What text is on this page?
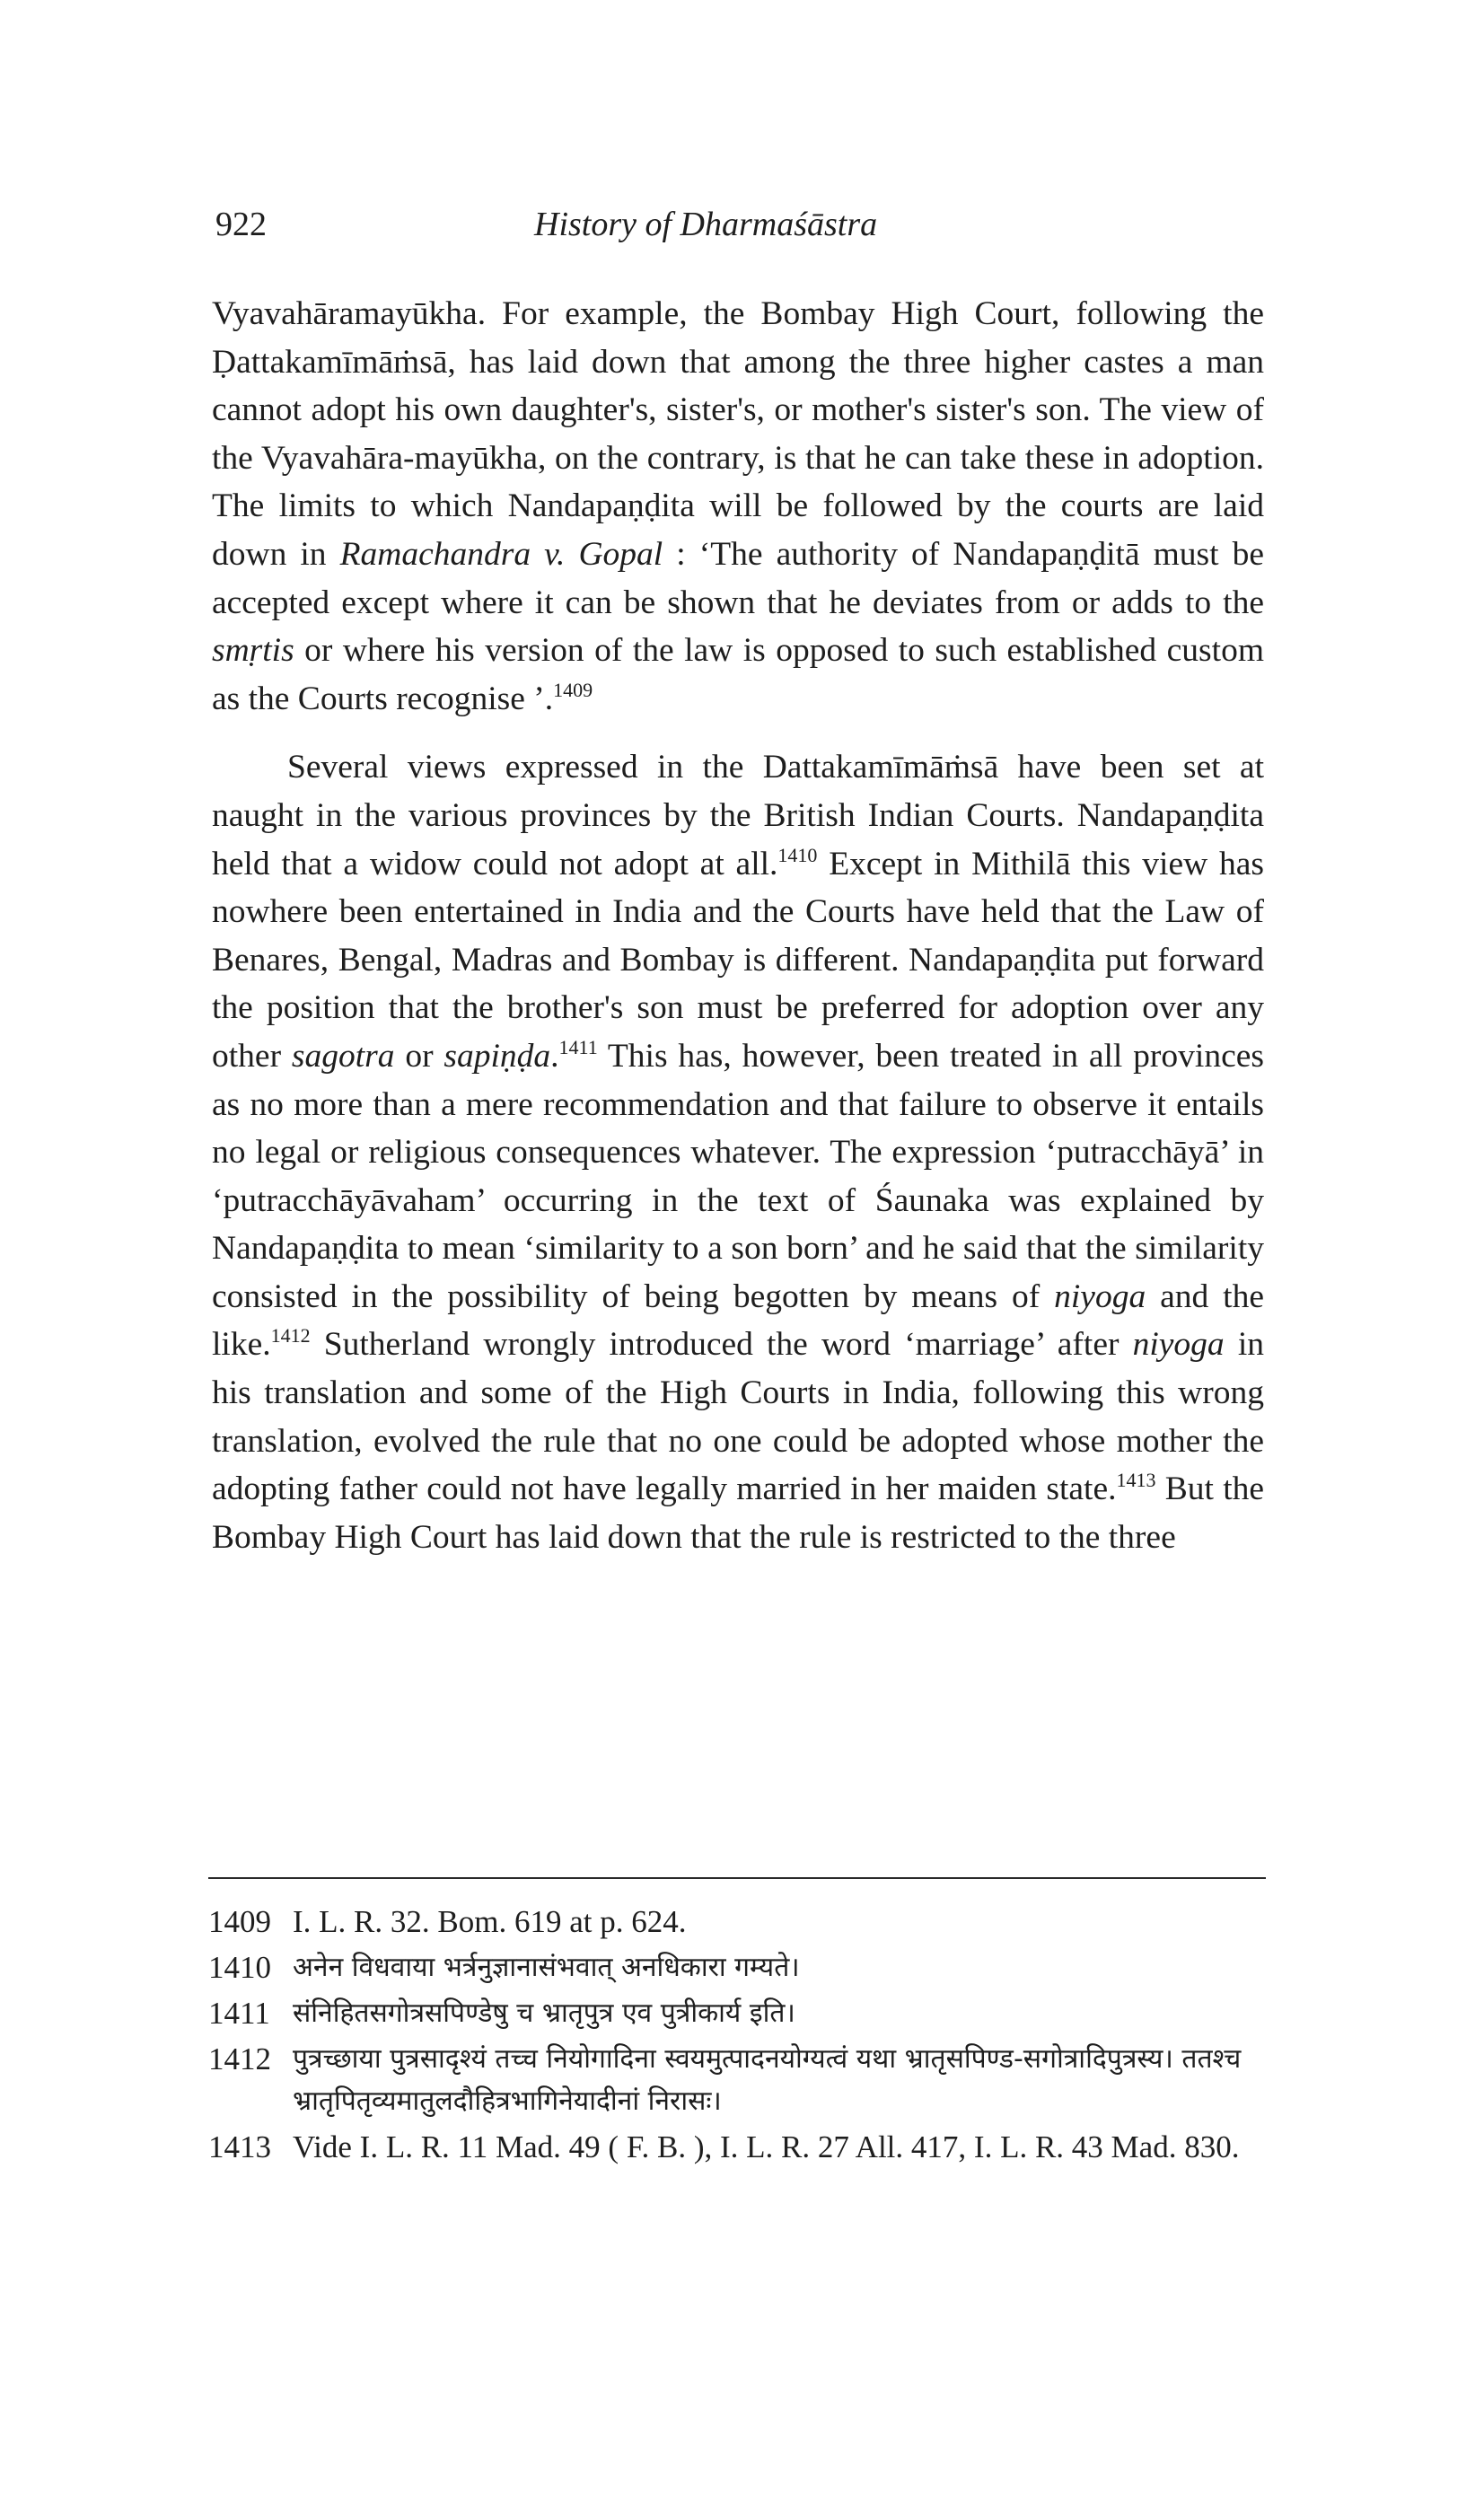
922	History of Dharmaśāstra

Vyavahāramayūkha. For example, the Bombay High Court, following the Ḍattakamīmāṁsā, has laid down that among the three higher castes a man cannot adopt his own daughter's, sister's, or mother's sister's son. The view of the Vyavahāra-mayūkha, on the contrary, is that he can take these in adoption. The limits to which Nandapaṇḍita will be followed by the courts are laid down in Ramachandra v. Gopal : ‘The authority of Nandapaṇḍitā must be accepted except where it can be shown that he deviates from or adds to the smṛtis or where his version of the law is opposed to such established custom as the Courts recognise ’.$^{1409}$

Several views expressed in the Dattakamīmāṁsā have been set at naught in the various provinces by the British Indian Courts. Nandapaṇḍita held that a widow could not adopt at all.$^{1410}$ Except in Mithilā this view has nowhere been entertained in India and the Courts have held that the Law of Benares, Bengal, Madras and Bombay is different. Nandapaṇḍita put forward the position that the brother's son must be preferred for adoption over any other sagotra or sapiṇḍa.$^{1411}$ This has, however, been treated in all provinces as no more than a mere recommendation and that failure to observe it entails no legal or religious consequences whatever. The expression ‘putracchāyā’ in ‘putracchāyāvaham’ occurring in the text of Śaunaka was explained by Nandapaṇḍita to mean ‘similarity to a son born’ and he said that the similarity consisted in the possibility of being begotten by means of niyoga and the like.$^{1412}$ Sutherland wrongly introduced the word ‘marriage’ after niyoga in his translation and some of the High Courts in India, following this wrong translation, evolved the rule that no one could be adopted whose mother the adopting father could not have legally married in her maiden state.$^{1413}$ But the Bombay High Court has laid down that the rule is restricted to the three

1409 I. L. R. 32. Bom. 619 at p. 624.
1410 अनेन विधवाया भर्त्रनुज्ञानासंभवात् अनधिकारा गम्यते।
1411 संनिहितसगोत्रसपिण्डेषु च भ्रातृपुत्र एव पुत्रीकार्य इति।
1412 पुत्रच्छाया पुत्रसादृश्यं तच्च नियोगादिना स्वयमुत्पादनयोग्यत्वं यथा भ्रातृसपिण्ड-सगोत्रादिपुत्रस्य। ततश्च भ्रातृपितृव्यमातुलदौहित्रभागिनेयादीनां निरासः।
1413 Vide I. L. R. 11 Mad. 49 ( F. B. ), I. L. R. 27 All. 417, I. L. R. 43 Mad. 830.
